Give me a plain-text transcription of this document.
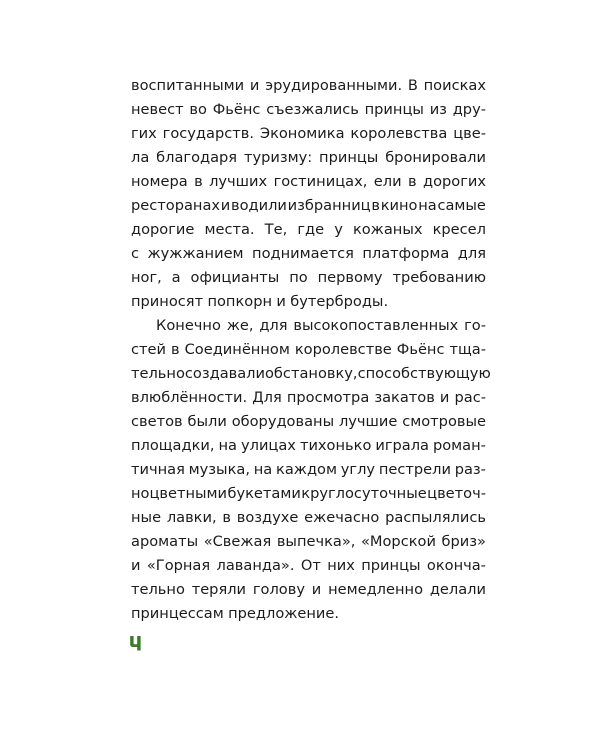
воспитанными и эрудированными. В поисках
невест во Фьёнс съезжались принцы из дру-
гих государств. Экономика королевства цве-
ла благодаря туризму: принцы бронировали
номера в лучших гостиницах, ели в дорогих
ресторанах и водили избранниц в кино на самые
дорогие места. Те, где у кожаных кресел
с жужжанием поднимается платформа для
ног, а официанты по первому требованию
приносят попкорн и бутерброды.
Конечно же, для высокопоставленных го-
стей в Соединённом королевстве Фьёнс тща-
тельно создавали обстановку, способствующую
влюблённости. Для просмотра закатов и рас-
светов были оборудованы лучшие смотровые
площадки, на улицах тихонько играла роман-
тичная музыка, на каждом углу пестрели раз-
ноцветными букетами круглосуточные цветоч-
ные лавки, в воздухе ежечасно распылялись
ароматы «Свежая выпечка», «Морской бриз»
и «Горная лаванда». От них принцы оконча-
тельно теряли голову и немедленно делали
принцессам предложение.
